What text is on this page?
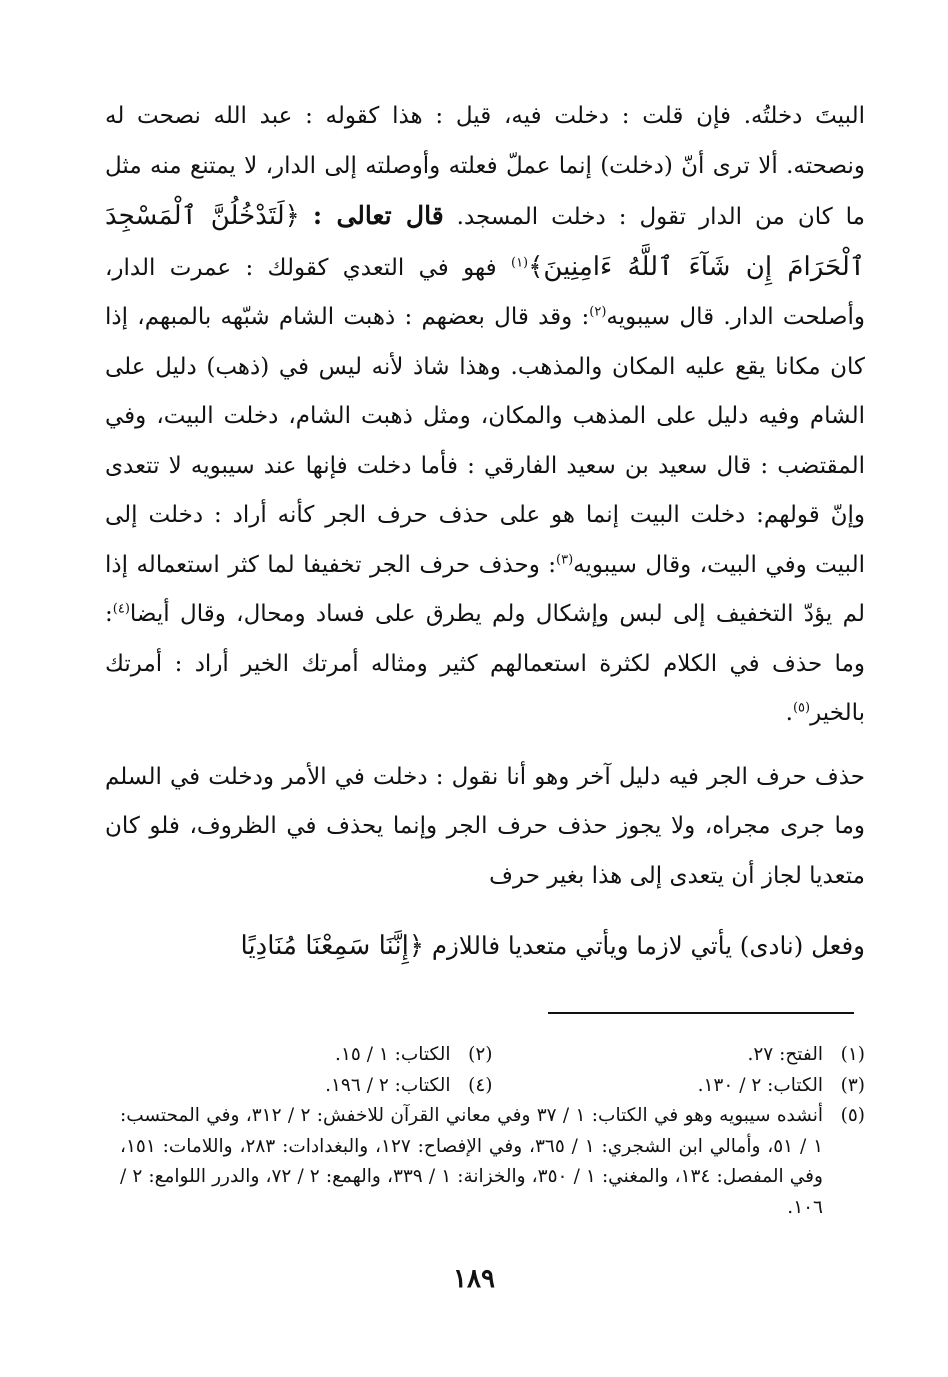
البيتَ دخلتُه. فإن قلت : دخلت فيه، قيل : هذا كقوله : عبد الله نصحت له ونصحته. ألا ترى أنّ (دخلت) إنما عملّ فعلته وأوصلته إلى الدار، لا يمتنع منه مثل ما كان من الدار تقول : دخلت المسجد. قال تعالى : ﴿لَتَدْخُلُنَّ ٱلْمَسْجِدَ ٱلْحَرَامَ إِن شَآءَ ٱللَّهُ ءَامِنِينَ﴾$^{(١)}$ فهو في التعدي كقولك : عمرت الدار، وأصلحت الدار. قال سيبويه$^{(٢)}$: وقد قال بعضهم : ذهبت الشام شبّهه بالمبهم، إذا كان مكانا يقع عليه المكان والمذهب. وهذا شاذ لأنه ليس في (ذهب) دليل على الشام وفيه دليل على المذهب والمكان، ومثل ذهبت الشام، دخلت البيت، وفي المقتضب : قال سعيد بن سعيد الفارقي : فأما دخلت فإنها عند سيبويه لا تتعدى وإنّ قولهم: دخلت البيت إنما هو على حذف حرف الجر كأنه أراد : دخلت إلى البيت وفي البيت، وقال سيبويه$^{(٣)}$: وحذف حرف الجر تخفيفا لما كثر استعماله إذا لم يؤدّ التخفيف إلى لبس وإشكال ولم يطرق على فساد ومحال، وقال أيضا$^{(٤)}$: وما حذف في الكلام لكثرة استعمالهم كثير ومثاله أمرتك الخير أراد : أمرتك بالخير$^{(٥)}$.

حذف حرف الجر فيه دليل آخر وهو أنا نقول : دخلت في الأمر ودخلت في السلم وما جرى مجراه، ولا يجوز حذف حرف الجر وإنما يحذف في الظروف، فلو كان متعديا لجاز أن يتعدى إلى هذا بغير حرف

وفعل (نادى) يأتي لازما ويأتي متعديا فاللازم ﴿إِنَّنَا سَمِعْنَا مُنَادِيًا

(١)
الفتح: ٢٧.
(٢)
الكتاب: ١ / ١٥.
(٣)
الكتاب: ٢ / ١٣٠.
(٤)
الكتاب: ٢ / ١٩٦.
(٥)
أنشده سيبويه وهو في الكتاب: ١ / ٣٧ وفي معاني القرآن للاخفش: ٢ / ٣١٢، وفي المحتسب: ١ / ٥١، وأمالي ابن الشجري: ١ / ٣٦٥، وفي الإفصاح: ١٢٧، والبغدادات: ٢٨٣، واللامات: ١٥١، وفي المفصل: ١٣٤، والمغني: ١ / ٣٥٠، والخزانة: ١ / ٣٣٩، والهمع: ٢ / ٧٢، والدرر اللوامع: ٢ / ١٠٦.
١٨٩
